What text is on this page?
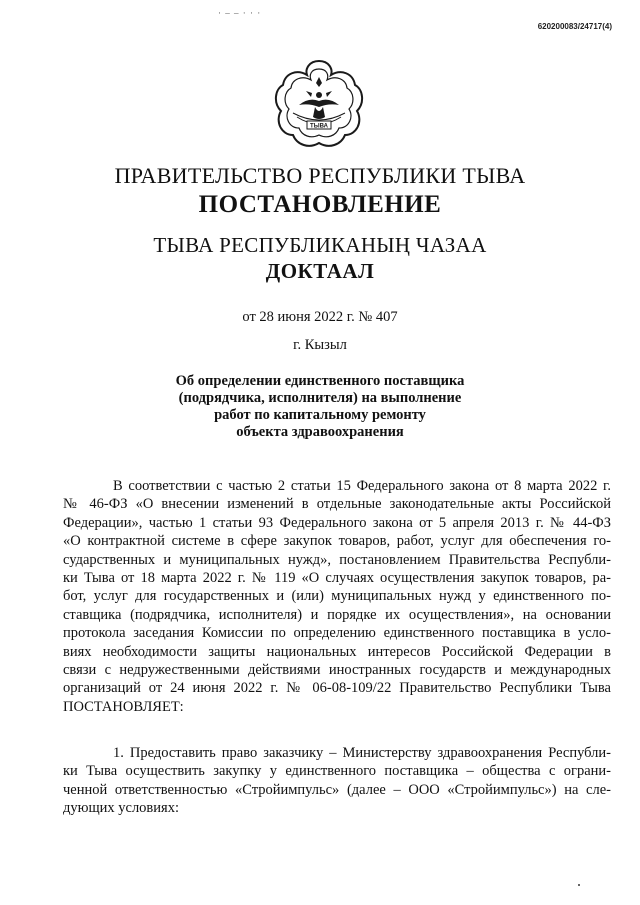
· – – · · ·
620200083/24717(4)
ТЫВА
ПРАВИТЕЛЬСТВО РЕСПУБЛИКИ ТЫВА
ПОСТАНОВЛЕНИЕ
ТЫВА РЕСПУБЛИКАНЫҢ ЧАЗАА
ДОКТААЛ
от 28 июня 2022 г. № 407
г. Кызыл
Об определении единственного поставщика
(подрядчика, исполнителя) на выполнение
работ по капитальному ремонту
объекта здравоохранения
В соответствии с частью 2 статьи 15 Федерального закона от 8 марта 2022 г.
№ 46-ФЗ «О внесении изменений в отдельные законодательные акты Российской
Федерации», частью 1 статьи 93 Федерального закона от 5 апреля 2013 г. № 44-ФЗ
«О контрактной системе в сфере закупок товаров, работ, услуг для обеспечения го-
сударственных и муниципальных нужд», постановлением Правительства Республи-
ки Тыва от 18 марта 2022 г. № 119 «О случаях осуществления закупок товаров, ра-
бот, услуг для государственных и (или) муниципальных нужд у единственного по-
ставщика (подрядчика, исполнителя) и порядке их осуществления», на основании
протокола заседания Комиссии по определению единственного поставщика в усло-
виях необходимости защиты национальных интересов Российской Федерации в
связи с недружественными действиями иностранных государств и международных
организаций от 24 июня 2022 г. № 06-08-109/22 Правительство Республики Тыва
ПОСТАНОВЛЯЕТ:
1. Предоставить право заказчику – Министерству здравоохранения Республи-
ки Тыва осуществить закупку у единственного поставщика – общества с ограни-
ченной ответственностью «Стройимпульс» (далее – ООО «Стройимпульс») на сле-
дующих условиях:
